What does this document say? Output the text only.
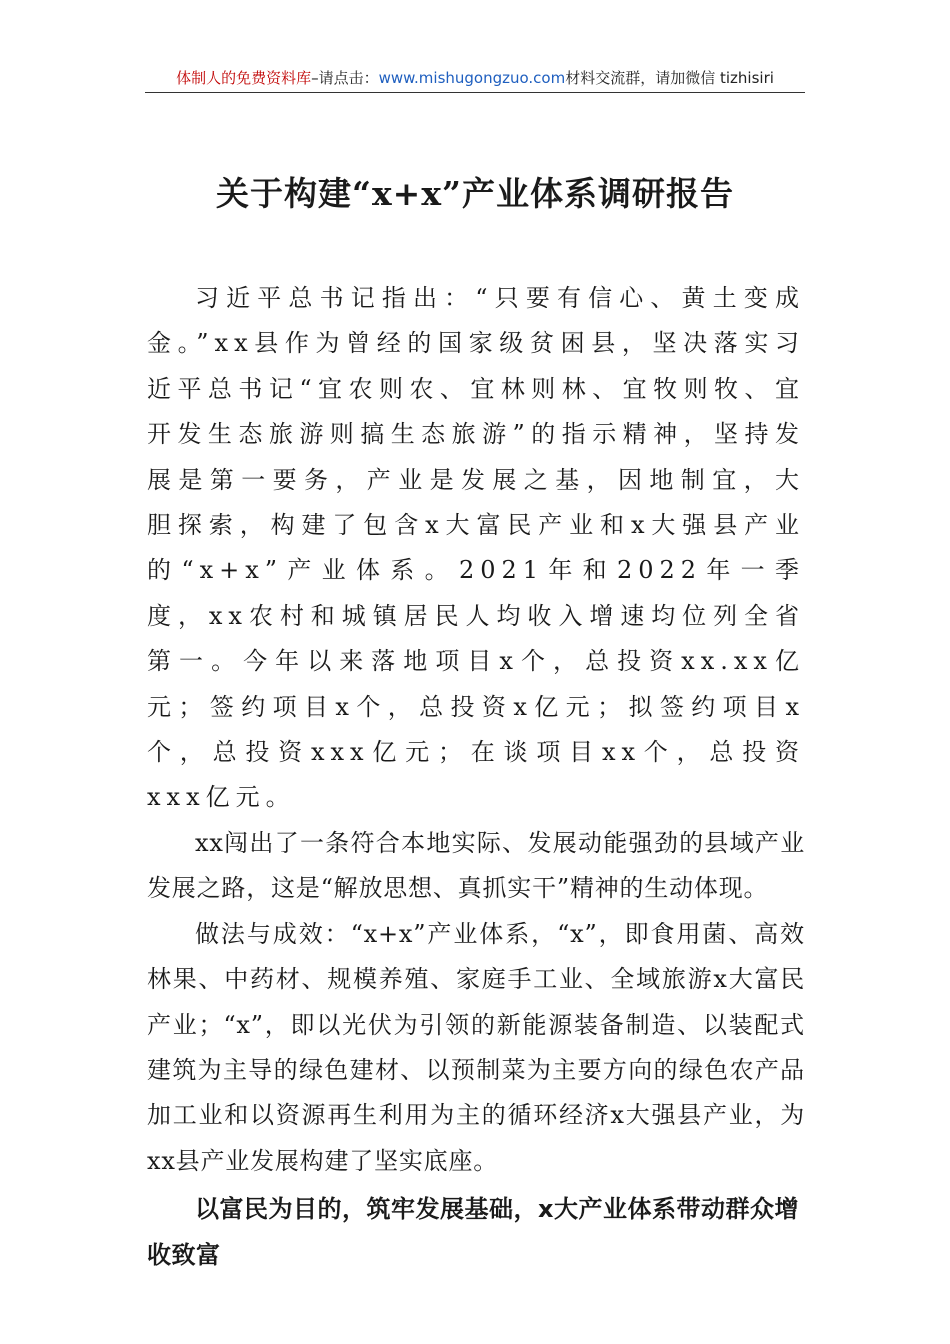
体制人的免费资料库–请点击：www.mishugongzuo.com材料交流群，请加微信 tizhisiri
关于构建“x+x”产业体系调研报告

习近平总书记指出：“只要有信心、黄土变成金。”xx县作为曾经的国家级贫困县，坚决落实习近平总书记“宜农则农、宜林则林、宜牧则牧、宜开发生态旅游则搞生态旅游”的指示精神，坚持发展是第一要务，产业是发展之基，因地制宜，大胆探索，构建了包含x大富民产业和x大强县产业的“x+x”产业体系。2021年和2022年一季度，xx农村和城镇居民人均收入增速均位列全省第一。今年以来落地项目x个，总投资xx.xx亿元；签约项目x个，总投资x亿元；拟签约项目x个，总投资xxx亿元；在谈项目xx个，总投资xxx亿元。

xx闯出了一条符合本地实际、发展动能强劲的县域产业发展之路，这是“解放思想、真抓实干”精神的生动体现。

做法与成效：“x+x”产业体系，“x”，即食用菌、高效林果、中药材、规模养殖、家庭手工业、全域旅游x大富民产业；“x”，即以光伏为引领的新能源装备制造、以装配式建筑为主导的绿色建材、以预制菜为主要方向的绿色农产品加工业和以资源再生利用为主的循环经济x大强县产业，为xx县产业发展构建了坚实底座。

以富民为目的，筑牢发展基础，x大产业体系带动群众增收致富
